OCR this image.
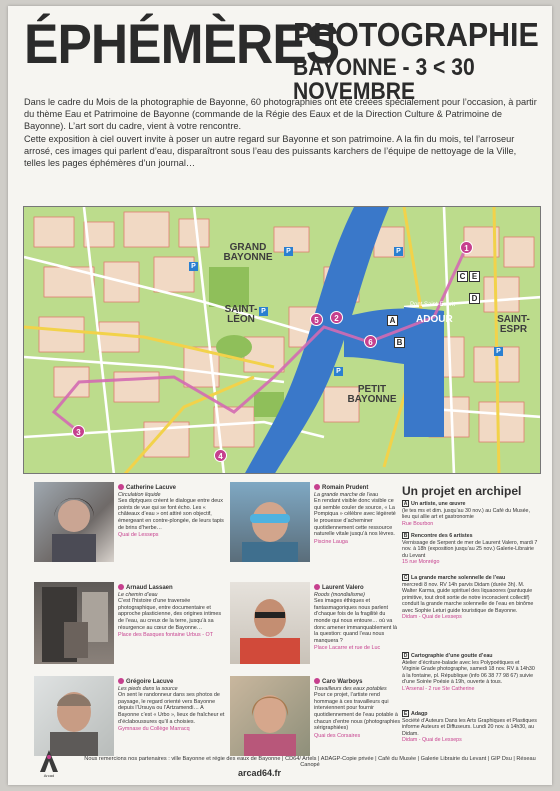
ÉPHÉMÈRES
PHOTOGRAPHIE
BAYONNE - 3 < 30 NOVEMBRE

Dans le cadre du Mois de la photographie de Bayonne, 60 photographies ont été créées spécialement pour l’occasion, à partir du thème Eau et Patrimoine de Bayonne (commande de la Régie des Eaux et de la Direction Culture & Patrimoine de Bayonne). L’art sort du cadre, vient à votre rencontre.

Cette exposition à ciel ouvert invite à poser un autre regard sur Bayonne et son patrimoine. A la fin du mois, tel l’arroseur arrosé, ces images qui parlent d’eau, disparaîtront sous l’eau des puissants karchers de l’équipe de nettoyage de la Ville, telles les pages éphémères d’un journal…

GRAND BAYONNE
SAINT-LÉON
PETIT BAYONNE
ADOUR	SAINT-ESPR
Pont Saint-Esprit
1
2
3
4
5
6
A
B
C
D
E
P
P
P
P
P
P
Catherine Lacuve
Circulation liquide
Ses diptyques créent le dialogue entre deux points de vue qui se font écho. Les « châteaux d’eau » ont attiré son objectif, émergeant en contre-plongée, de leurs tapis de brins d’herbe…
Quai de Lesseps
Arnaud Lassaen
Le chemin d’eau
C’est l’histoire d’une traversée photographique, entre documentaire et approche plasticienne, des origines intimes de l’eau, au creux de la terre, jusqu’à sa résurgence au cœur de Bayonne…
Place des Basques fontaine Urbus - OT
Grégoire Lacuve
Les pieds dans la source
On sent le randonneur dans ses photos de paysage, le regard orienté vers Bayonne depuis l’Ursuya ou l’Artzamendi… A Bayonne c’est « Urbo », lieux de fraîcheur et d’éclaboussures qu’il a choisies.
Gymnase du Collège Marracq
Romain Prudent
La grande marche de l’eau
En rendant visible donc visible ce qui semble couler de source, « La Pompiqua » célèbre avec légèreté le prouesse d’acheminer quotidiennement cette ressource naturelle vitale jusqu’à nos lèvres.
Piscine Lauga
Laurent Valero
Roods (mondialisme)
Ses images éthiques et fantasmagoriques nous parlent d’chaque fois de la fragilité du monde qui nous entoure… où va donc amener immanquablement là la question: quand l’eau nous manquera ?
Place Lacarre et rue de Luc
Caro Warboys
Travailleurs des eaux potables
Pour ce projet, l’artiste rend hommage à ces travailleurs qui interviennent pour fournir quotidiennement de l’eau potable à chacun d’entre nous (photographies sérigraphiées)
Quai des Corsaires
Un projet en archipel
A Un artiste, une œuvre
(le tes ms et dim. jusqu’au 30 nov.) au Café du Musée, lieu qui allie art et gastronomie
Rue Bourbon
B Rencontre des 6 artistes
Vernissage de Serpent de mer de Laurent Valero, mardi 7 nov. à 18h (exposition jusqu’au 25 nov.) Galerie-Librairie du Levant
15 rue Monrégo
C La grande marche solennelle de l’eau
mercredi 8 nov. RV 14h parvis Didam (durée 3h). M. Walter Karma, guide spirituel des liquaoores (pantuquie primitive, tout droit sortie de notre inconscient collectif) conduit la grande marche solennelle de l’eau en binôme avec Sophie Leturi guide touristique de Bayonne.
Didam - Quai de Lesseps
D Cartographie d’une goutte d’eau
Atelier d’écriture-balade avec les Polypoétiques et Virginie Grade photographe, samedi 18 nov. RV à 14h30 à la fontaine, pl. République (info 06 38 77 98 67) suivie d’une Soirée Poésie à 19h, ouverte à tous.
L’Arsenal - 2 rue Ste Catherine
E Adagp
Société d’Auteurs Dans les Arts Graphiques et Plastiques informe Auteurs et Diffuseurs. Lundi 20 nov. à 14h30, au Didam.
Didam - Quai de Lesseps
Arcad
Nous remercions nos partenaires : ville Bayonne et régie des eaux de Bayonne | CD64/ Artels | ADAGP-Copie privée | Café du Musée | Galerie Librairie du Levant | GIP Dsu | Réseau Canopé
arcad64.fr
